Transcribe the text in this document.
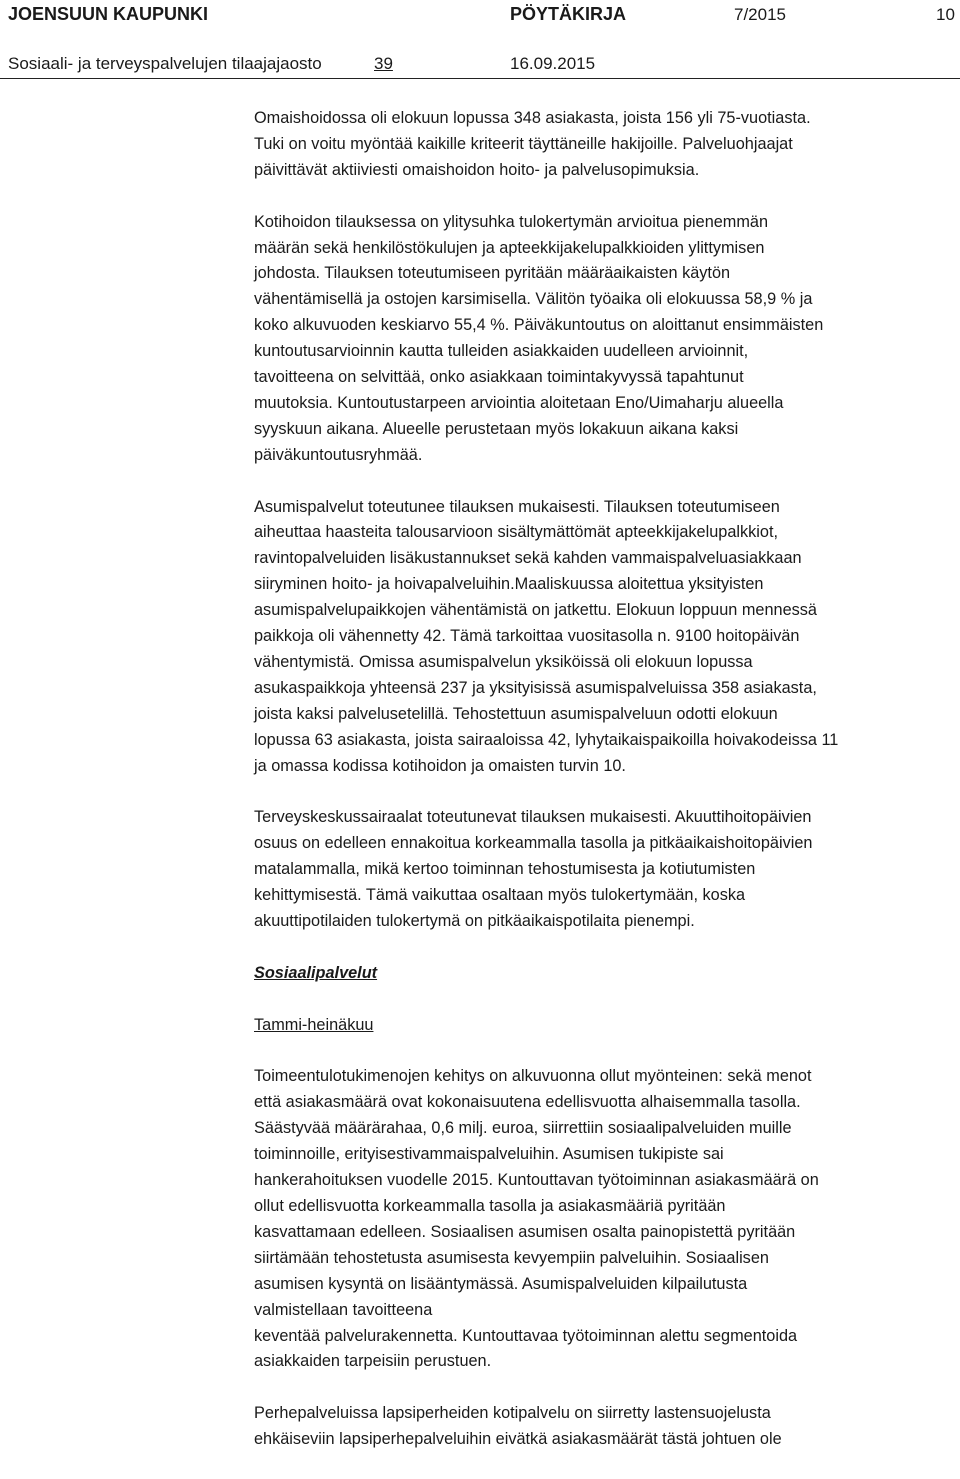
JOENSUUN KAUPUNKI	PÖYTÄKIRJA	7/2015	10
Sosiaali- ja terveyspalvelujen tilaajajaosto	39	16.09.2015

Omaishoidossa oli elokuun lopussa 348 asiakasta, joista 156 yli 75-vuotiasta.
Tuki on voitu myöntää kaikille kriteerit täyttäneille hakijoille. Palveluohjaajat
päivittävät aktiiviesti omaishoidon hoito- ja palvelusopimuksia.

Kotihoidon tilauksessa on ylitysuhka tulokertymän arvioitua pienemmän
määrän sekä henkilöstökulujen ja apteekkijakelupalkkioiden ylittymisen
johdosta. Tilauksen toteutumiseen pyritään määräaikaisten käytön
vähentämisellä ja ostojen karsimisella. Välitön työaika oli elokuussa 58,9 % ja
koko alkuvuoden keskiarvo 55,4 %. Päiväkuntoutus on aloittanut ensimmäisten
kuntoutusarvioinnin kautta tulleiden asiakkaiden uudelleen arvioinnit,
tavoitteena on selvittää, onko asiakkaan toimintakyvyssä tapahtunut
muutoksia. Kuntoutustarpeen arviointia aloitetaan Eno/Uimaharju alueella
syyskuun aikana. Alueelle perustetaan myös lokakuun aikana kaksi
päiväkuntoutusryhmää.

Asumispalvelut toteutunee tilauksen mukaisesti. Tilauksen toteutumiseen
aiheuttaa haasteita talousarvioon sisältymättömät apteekkijakelupalkkiot,
ravintopalveluiden lisäkustannukset sekä kahden vammaispalveluasiakkaan
siiryminen hoito- ja hoivapalveluihin.Maaliskuussa aloitettua yksityisten
asumispalvelupaikkojen vähentämistä on jatkettu. Elokuun loppuun mennessä
paikkoja oli vähennetty 42. Tämä tarkoittaa vuositasolla n. 9100 hoitopäivän
vähentymistä. Omissa asumispalvelun yksiköissä oli elokuun lopussa
asukaspaikkoja yhteensä 237 ja yksityisissä asumispalveluissa 358 asiakasta,
joista kaksi palvelusetelillä. Tehostettuun asumispalveluun odotti elokuun
lopussa 63 asiakasta, joista sairaaloissa 42, lyhytaikaispaikoilla hoivakodeissa 11
ja omassa kodissa kotihoidon ja omaisten turvin 10.

Terveyskeskussairaalat toteutunevat tilauksen mukaisesti. Akuuttihoitopäivien
osuus on edelleen ennakoitua korkeammalla tasolla ja pitkäaikaishoitopäivien
matalammalla, mikä kertoo toiminnan tehostumisesta ja kotiutumisten
kehittymisestä. Tämä vaikuttaa osaltaan myös tulokertymään, koska
akuuttipotilaiden tulokertymä on pitkäaikaispotilaita pienempi.

Sosiaalipalvelut

Tammi-heinäkuu

Toimeentulotukimenojen kehitys on alkuvuonna ollut myönteinen: sekä menot
että asiakasmäärä ovat kokonaisuutena edellisvuotta alhaisemmalla tasolla.
Säästyvää määrärahaa, 0,6 milj. euroa, siirrettiin sosiaalipalveluiden muille
toiminnoille, erityisestivammaispalveluihin. Asumisen tukipiste sai
hankerahoituksen vuodelle 2015. Kuntouttavan työtoiminnan asiakasmäärä on
ollut edellisvuotta korkeammalla tasolla ja asiakasmääriä pyritään
kasvattamaan edelleen. Sosiaalisen asumisen osalta painopistettä pyritään
siirtämään tehostetusta asumisesta kevyempiin palveluihin. Sosiaalisen
asumisen kysyntä on lisääntymässä. Asumispalveluiden kilpailutusta
valmistellaan tavoitteena
keventää palvelurakennetta. Kuntouttavaa työtoiminnan alettu segmentoida
asiakkaiden tarpeisiin perustuen.

Perhepalveluissa lapsiperheiden kotipalvelu on siirretty lastensuojelusta
ehkäiseviin lapsiperhepalveluihin eivätkä asiakasmäärät tästä johtuen ole
